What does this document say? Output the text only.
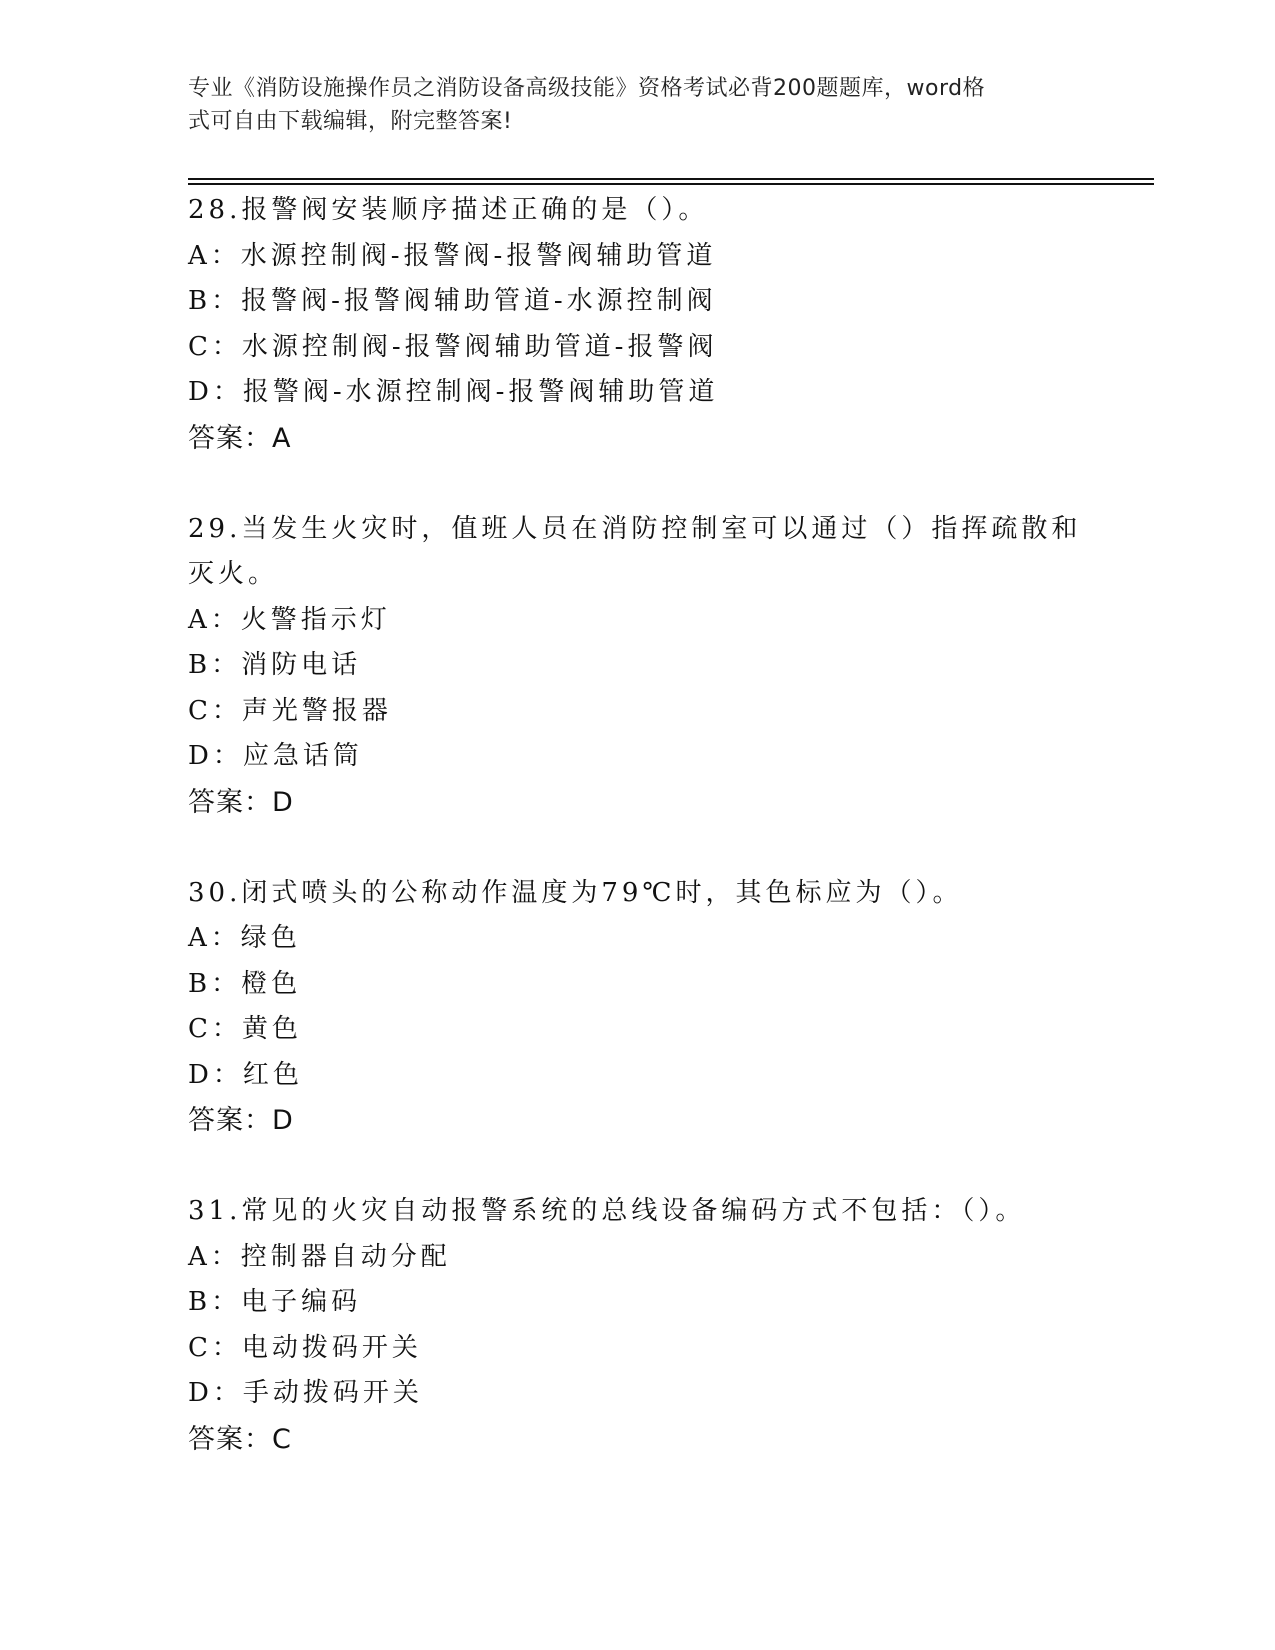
专业《消防设施操作员之消防设备高级技能》资格考试必背200题题库，word格
式可自由下载编辑，附完整答案!
28.报警阀安装顺序描述正确的是（）。
A：水源控制阀-报警阀-报警阀辅助管道
B：报警阀-报警阀辅助管道-水源控制阀
C：水源控制阀-报警阀辅助管道-报警阀
D：报警阀-水源控制阀-报警阀辅助管道
答案：A
29.当发生火灾时，值班人员在消防控制室可以通过（）指挥疏散和灭火。
A：火警指示灯
B：消防电话
C：声光警报器
D：应急话筒
答案：D
30.闭式喷头的公称动作温度为79℃时，其色标应为（）。
A：绿色
B：橙色
C：黄色
D：红色
答案：D
31.常见的火灾自动报警系统的总线设备编码方式不包括：（）。
A：控制器自动分配
B：电子编码
C：电动拨码开关
D：手动拨码开关
答案：C
